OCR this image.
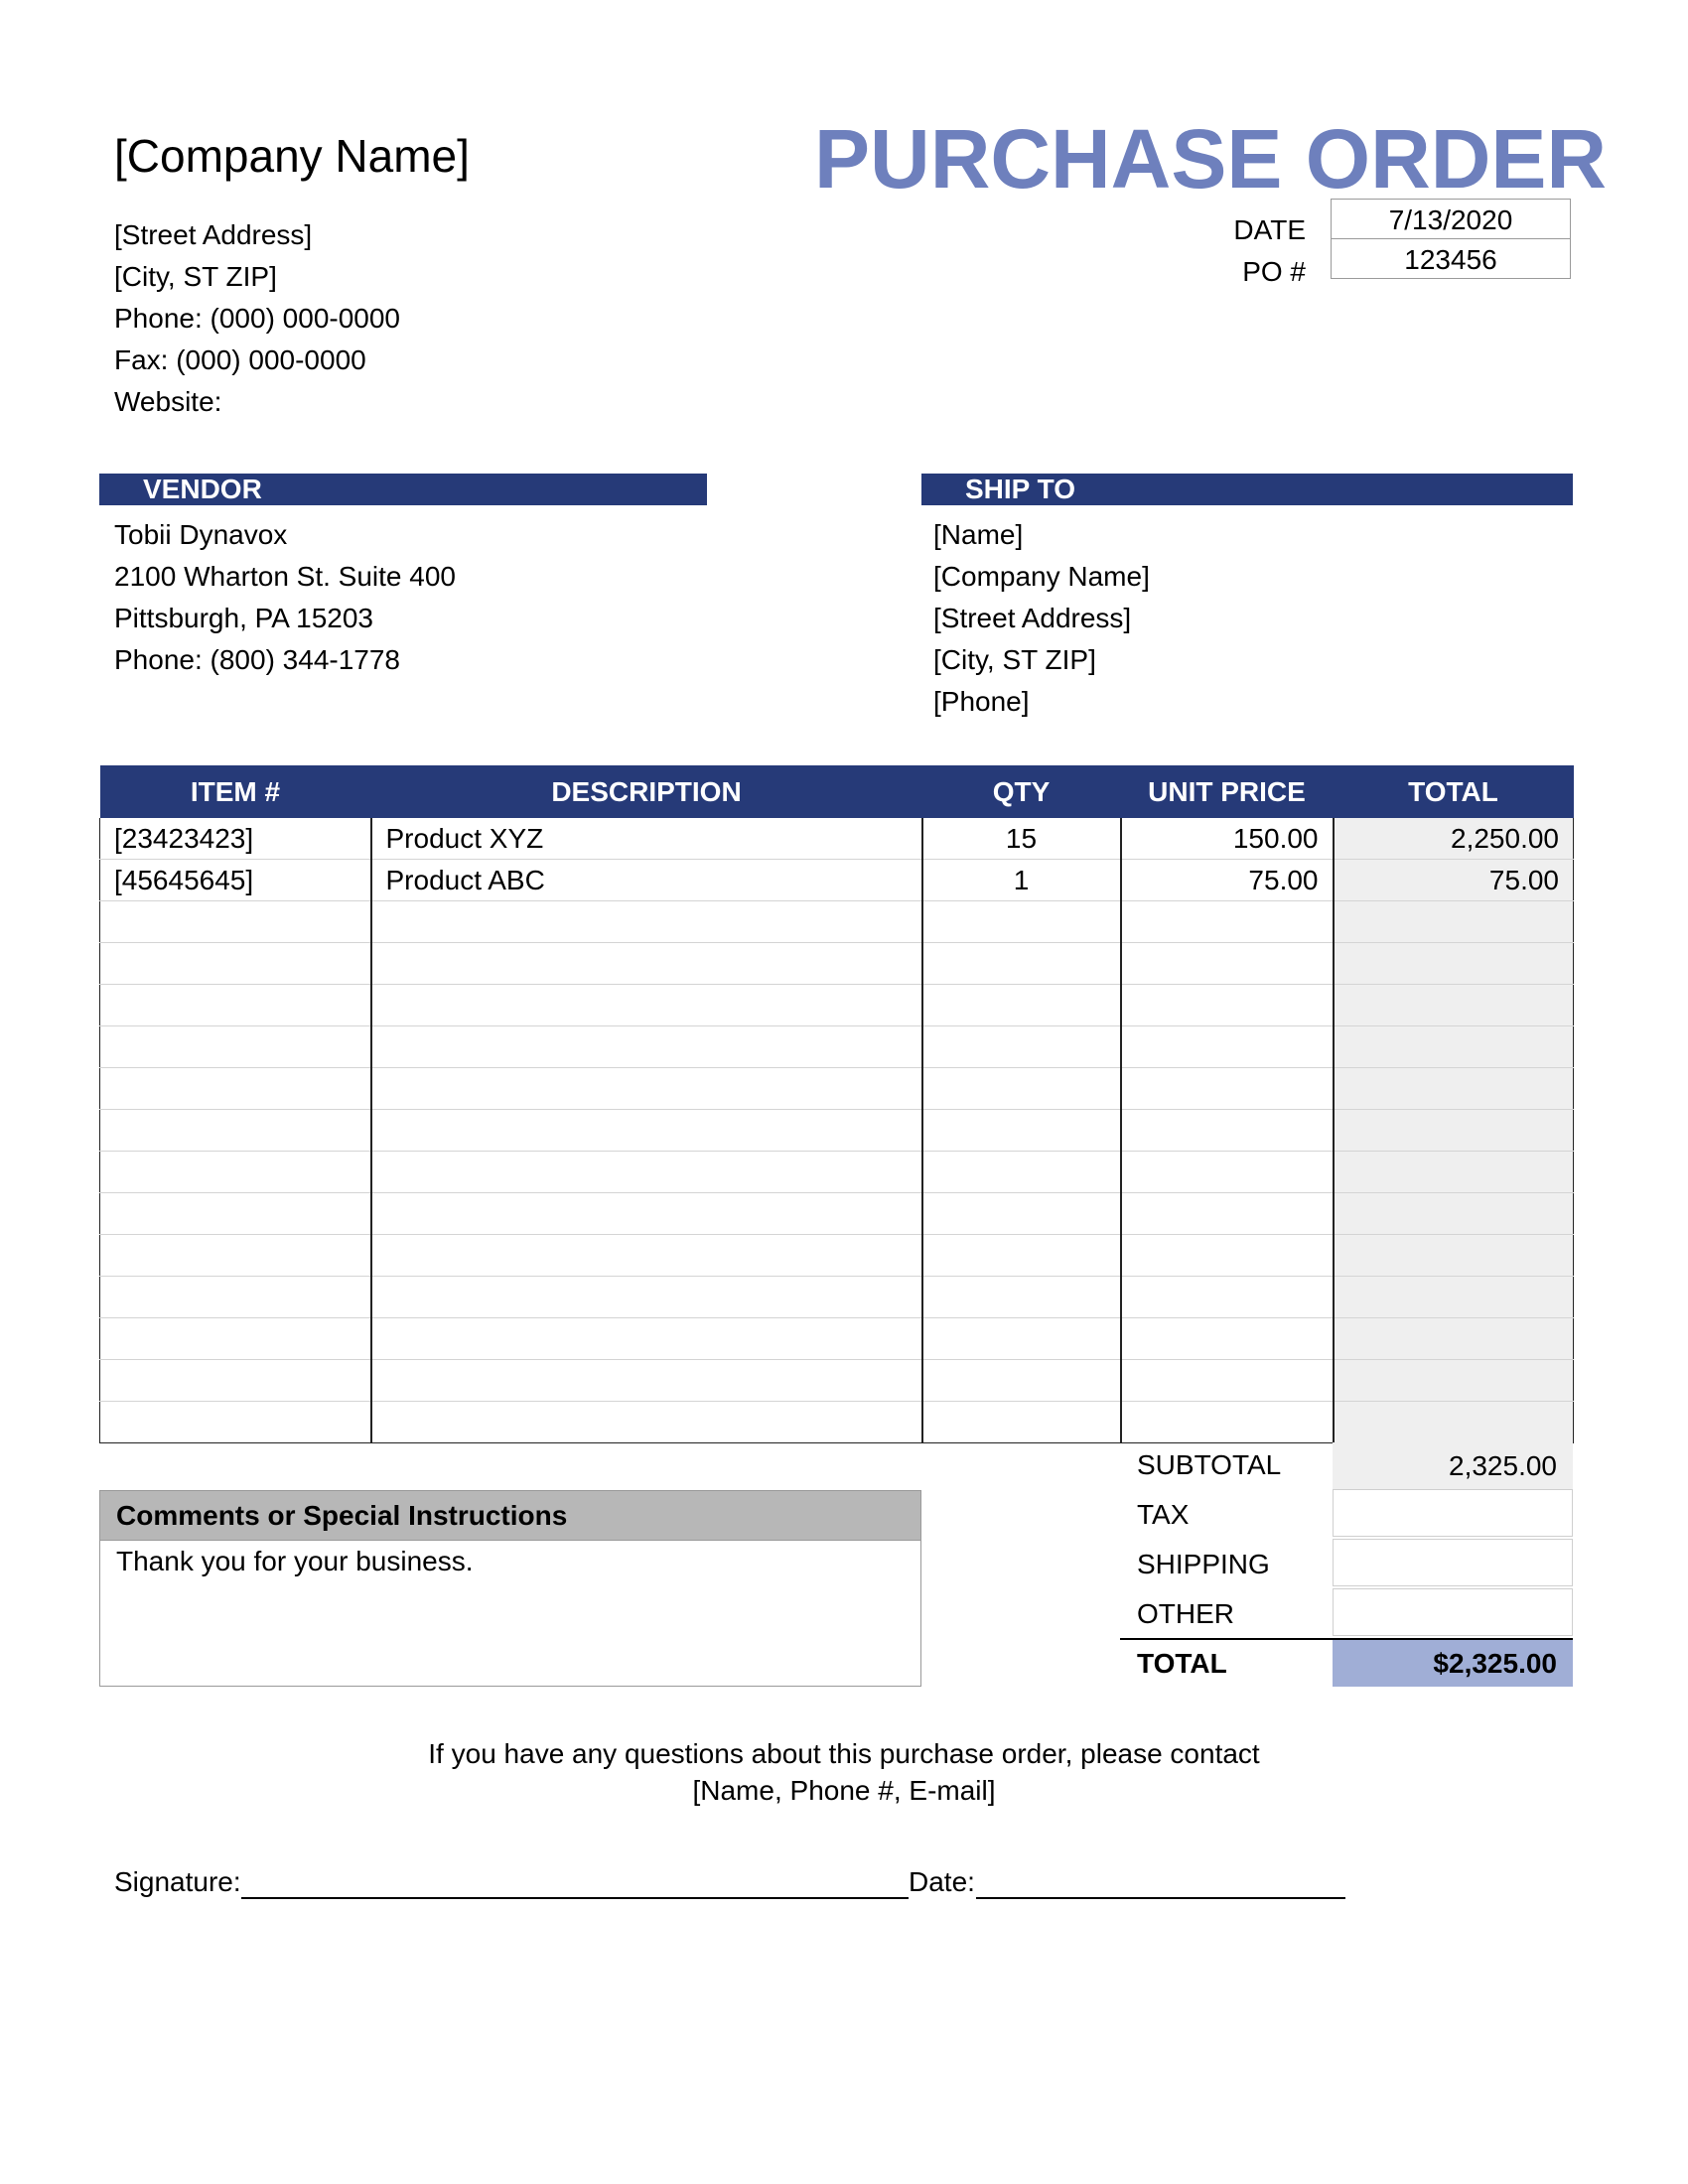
[Company Name]	PURCHASE ORDER
[Street Address]
[City, ST ZIP]
Phone: (000) 000-0000
Fax: (000) 000-0000
Website:
DATE	7/13/2020
PO #	123456
VENDOR
Tobii Dynavox
2100 Wharton St. Suite 400
Pittsburgh, PA 15203
Phone: (800) 344-1778
SHIP TO
[Name]
[Company Name]
[Street Address]
[City, ST ZIP]
[Phone]
ITEM #	DESCRIPTION	QTY	UNIT PRICE	TOTAL
[23423423]	Product XYZ	15	150.00	2,250.00
[45645645]	Product ABC	1	75.00	75.00

Comments or Special Instructions
Thank you for your business.
SUBTOTAL	2,325.00
TAX
SHIPPING
OTHER
TOTAL	$2,325.00
If you have any questions about this purchase order, please contact
[Name, Phone #, E-mail]
Signature:	Date:
